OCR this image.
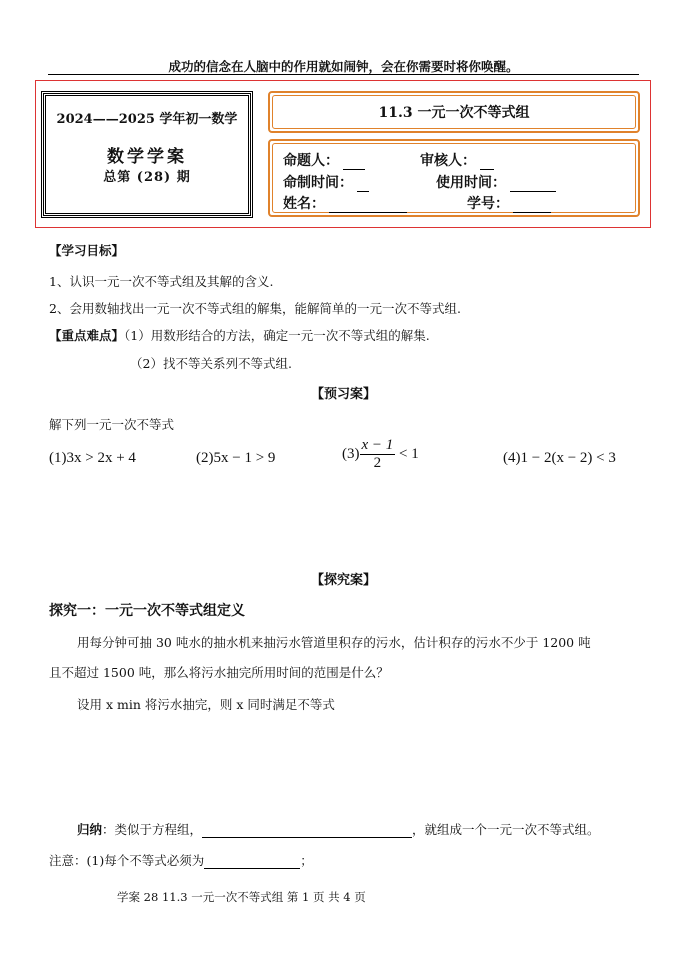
成功的信念在人脑中的作用就如闹钟，会在你需要时将你唤醒。
2024——2025 学年初一数学
数学学案
总第 (28) 期
11.3 一元一次不等式组
命题人：	审核人：
命制时间：	使用时间：
姓名：	学号：
【学习目标】
1、认识一元一次不等式组及其解的含义.
2、会用数轴找出一元一次不等式组的解集，能解简单的一元一次不等式组.
【重点难点】（1）用数形结合的方法，确定一元一次不等式组的解集.
（2）找不等关系列不等式组.
【预习案】
解下列一元一次不等式
(1)3x > 2x + 4	(2)5x − 1 > 9	$(3) \frac{x - 1}{2} < 1$	(4)1 − 2(x − 2) < 3
【探究案】
探究一：一元一次不等式组定义
用每分钟可抽 30 吨水的抽水机来抽污水管道里积存的污水，估计积存的污水不少于 1200 吨
且不超过 1500 吨，那么将污水抽完所用时间的范围是什么？
设用 x min 将污水抽完，则 x 同时满足不等式
归纳：类似于方程组，	，就组成一个一元一次不等式组。
注意：(1)每个不等式必须为	；
学案 28 11.3 一元一次不等式组 第 1 页 共 4 页
